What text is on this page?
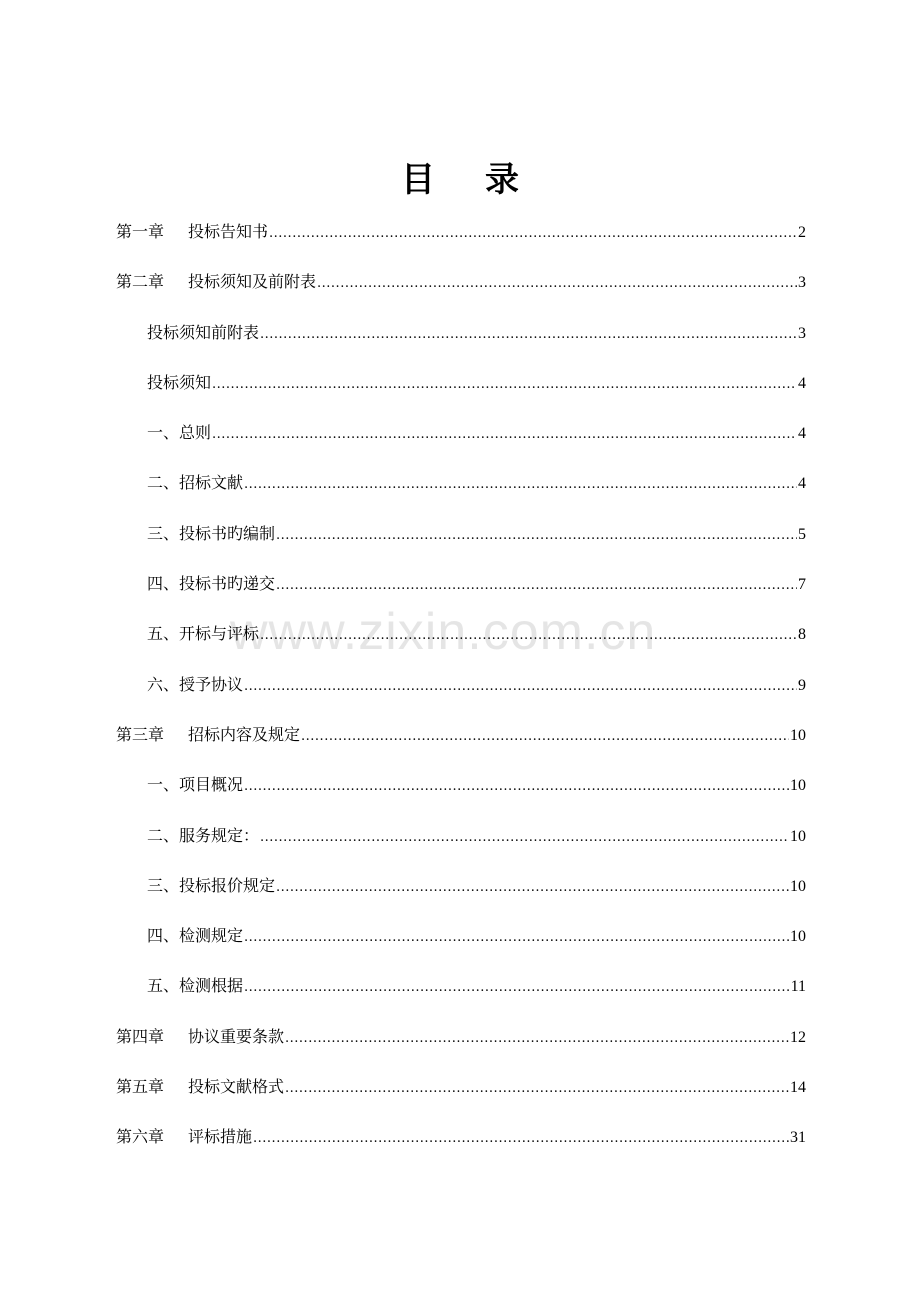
目 录
www.zixin.com.cn
第一章 投标告知书 .....	2
第二章 投标须知及前附表 .....	3
投标须知前附表 .....	3
投标须知 .....	4
一、总则 .....	4
二、招标文献 .....	4
三、投标书旳编制 .....	5
四、投标书旳递交 .....	7
五、开标与评标 .....	8
六、授予协议 .....	9
第三章 招标内容及规定 .....	10
一、项目概况 .....	10
二、服务规定： .....	10
三、投标报价规定 .....	10
四、检测规定 .....	10
五、检测根据 .....	11
第四章 协议重要条款 .....	12
第五章 投标文献格式 .....	14
第六章 评标措施 .....	31
